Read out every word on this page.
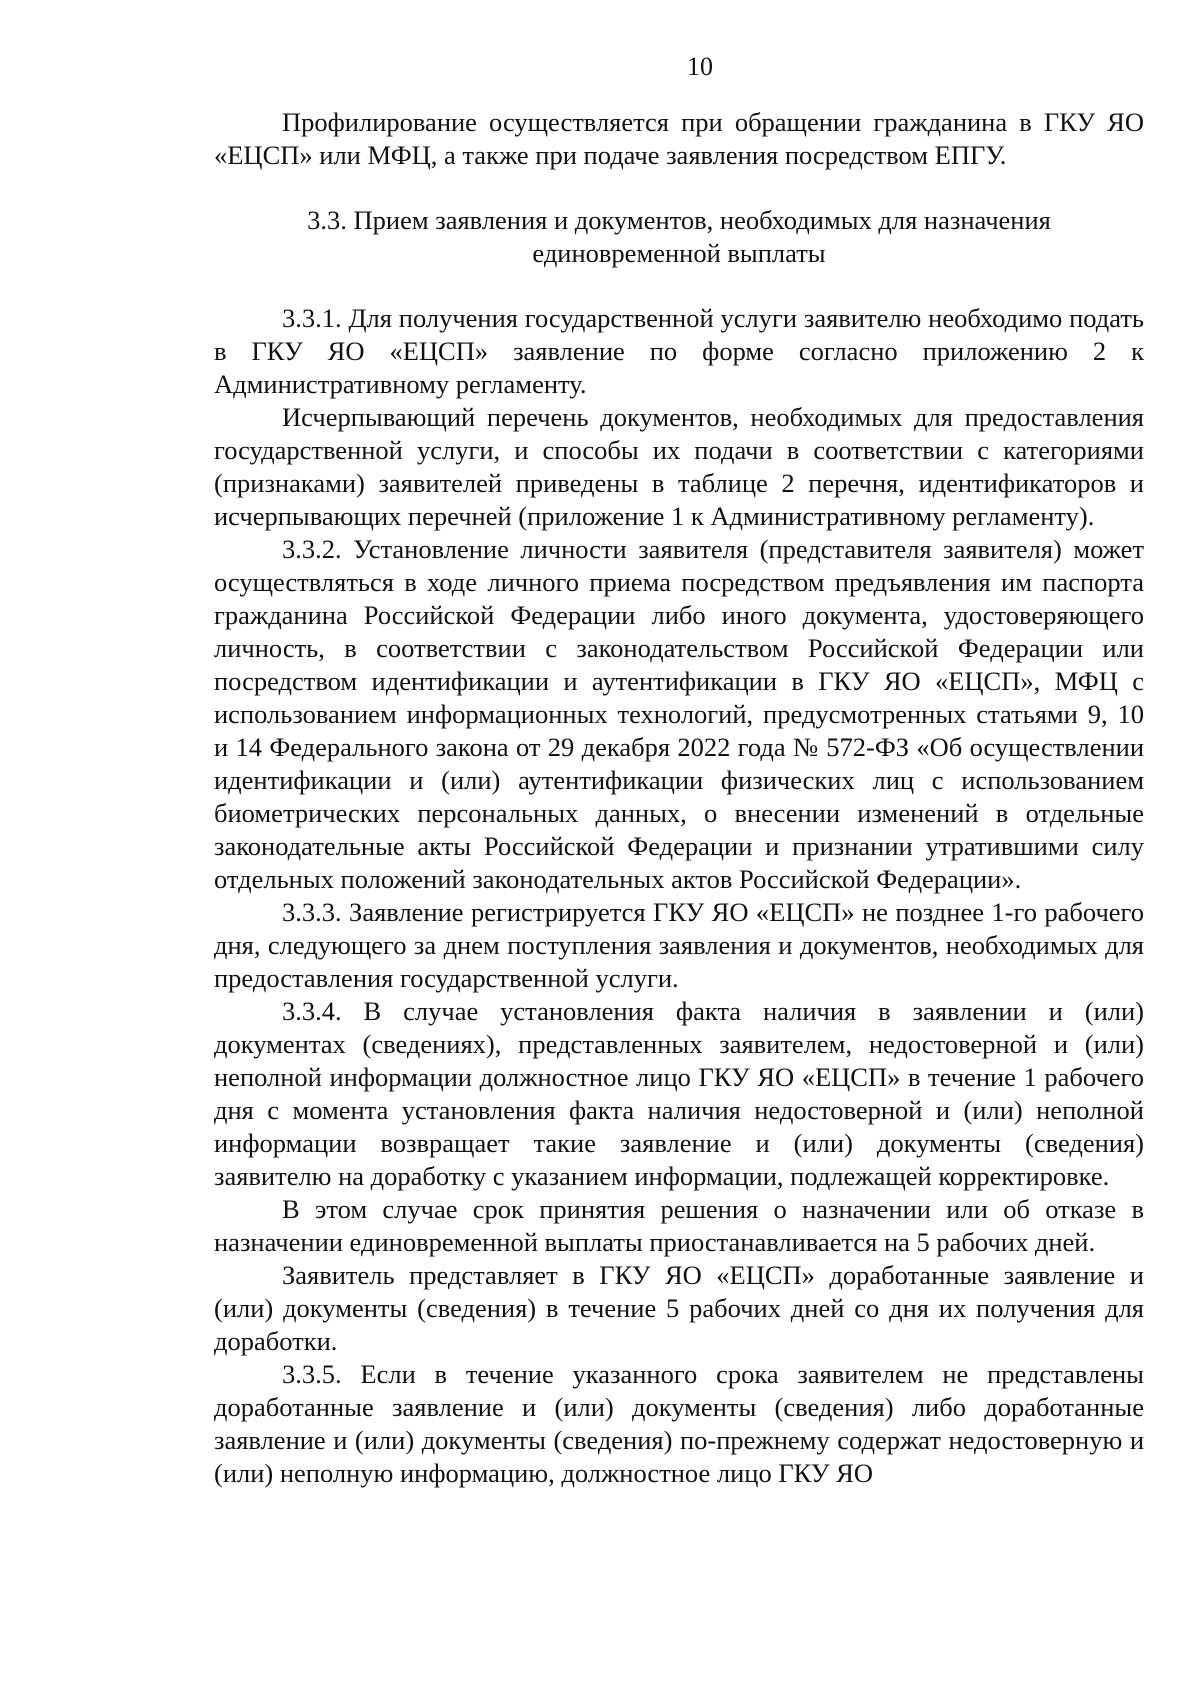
10

Профилирование осуществляется при обращении гражданина в ГКУ ЯО «ЕЦСП» или МФЦ, а также при подаче заявления посредством ЕПГУ.

3.3. Прием заявления и документов, необходимых для назначения единовременной выплаты

3.3.1. Для получения государственной услуги заявителю необходимо подать в ГКУ ЯО «ЕЦСП» заявление по форме согласно приложению 2 к Административному регламенту.

Исчерпывающий перечень документов, необходимых для предоставления государственной услуги, и способы их подачи в соответствии с категориями (признаками) заявителей приведены в таблице 2 перечня, идентификаторов и исчерпывающих перечней (приложение 1 к Административному регламенту).

3.3.2. Установление личности заявителя (представителя заявителя) может осуществляться в ходе личного приема посредством предъявления им паспорта гражданина Российской Федерации либо иного документа, удостоверяющего личность, в соответствии с законодательством Российской Федерации или посредством идентификации и аутентификации в ГКУ ЯО «ЕЦСП», МФЦ с использованием информационных технологий, предусмотренных статьями 9, 10 и 14 Федерального закона от 29 декабря 2022 года № 572-ФЗ «Об осуществлении идентификации и (или) аутентификации физических лиц с использованием биометрических персональных данных, о внесении изменений в отдельные законодательные акты Российской Федерации и признании утратившими силу отдельных положений законодательных актов Российской Федерации».

3.3.3. Заявление регистрируется ГКУ ЯО «ЕЦСП» не позднее 1-го рабочего дня, следующего за днем поступления заявления и документов, необходимых для предоставления государственной услуги.

3.3.4. В случае установления факта наличия в заявлении и (или) документах (сведениях), представленных заявителем, недостоверной и (или) неполной информации должностное лицо ГКУ ЯО «ЕЦСП» в течение 1 рабочего дня с момента установления факта наличия недостоверной и (или) неполной информации возвращает такие заявление и (или) документы (сведения) заявителю на доработку с указанием информации, подлежащей корректировке.

В этом случае срок принятия решения о назначении или об отказе в назначении единовременной выплаты приостанавливается на 5 рабочих дней.

Заявитель представляет в ГКУ ЯО «ЕЦСП» доработанные заявление и (или) документы (сведения) в течение 5 рабочих дней со дня их получения для доработки.

3.3.5. Если в течение указанного срока заявителем не представлены доработанные заявление и (или) документы (сведения) либо доработанные заявление и (или) документы (сведения) по-прежнему содержат недостоверную и (или) неполную информацию, должностное лицо ГКУ ЯО
